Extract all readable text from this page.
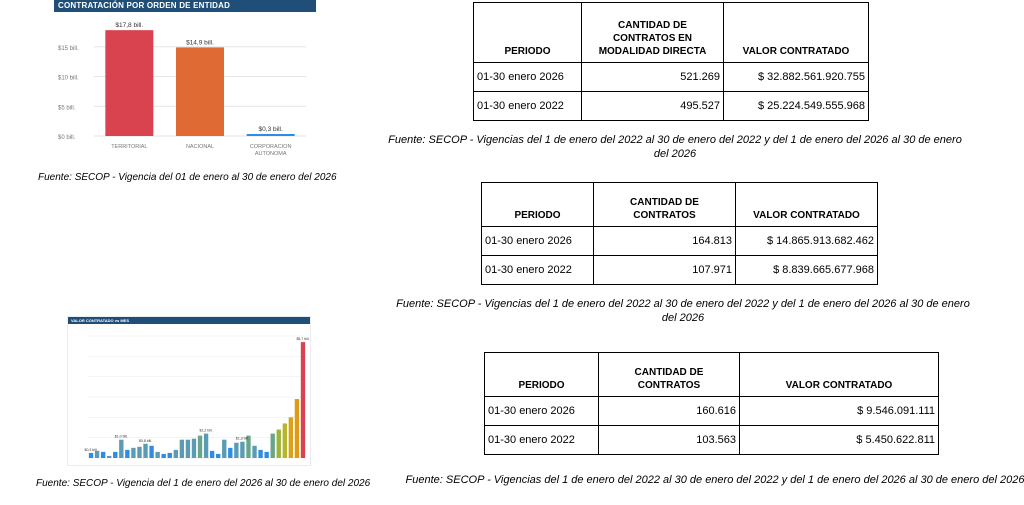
CONTRATACIÓN POR ORDEN DE ENTIDAD
$0 bill.
$5 bill.
$10 bill.
$15 bill.
$17,8 bill.
TERRITORIAL
$14,9 bill.
NACIONAL
$0,3 bill.
CORPORACION
AUTONOMA
Fuente: SECOP - Vigencia del 01 de enero al 30 de enero del 2026
VALOR CONTRATADO vs MES
$0,3 bill.
$1,0 bill.
$0,8 bill.
$1,2 bill.
$1,3 bill.
$5,7 bill.
Fuente: SECOP - Vigencia del 1 de enero del 2026 al 30 de enero del 2026
PERIODO	CANTIDAD DE CONTRATOS EN MODALIDAD DIRECTA	VALOR CONTRATADO
01-30 enero 2026	521.269	$ 32.882.561.920.755
01-30 enero 2022	495.527	$ 25.224.549.555.968
Fuente: SECOP - Vigencias del 1 de enero del 2022 al 30 de enero del 2022 y del 1 de enero del 2026 al 30 de enero del 2026
PERIODO	CANTIDAD DE CONTRATOS	VALOR CONTRATADO
01-30 enero 2026	164.813	$ 14.865.913.682.462
01-30 enero 2022	107.971	$ 8.839.665.677.968
Fuente: SECOP - Vigencias del 1 de enero del 2022 al 30 de enero del 2022 y del 1 de enero del 2026 al 30 de enero del 2026
PERIODO	CANTIDAD DE CONTRATOS	VALOR CONTRATADO
01-30 enero 2026	160.616	$ 9.546.091.111
01-30 enero 2022	103.563	$ 5.450.622.811
Fuente: SECOP - Vigencias del 1 de enero del 2022 al 30 de enero del 2022 y del 1 de enero del 2026 al 30 de enero del 2026
